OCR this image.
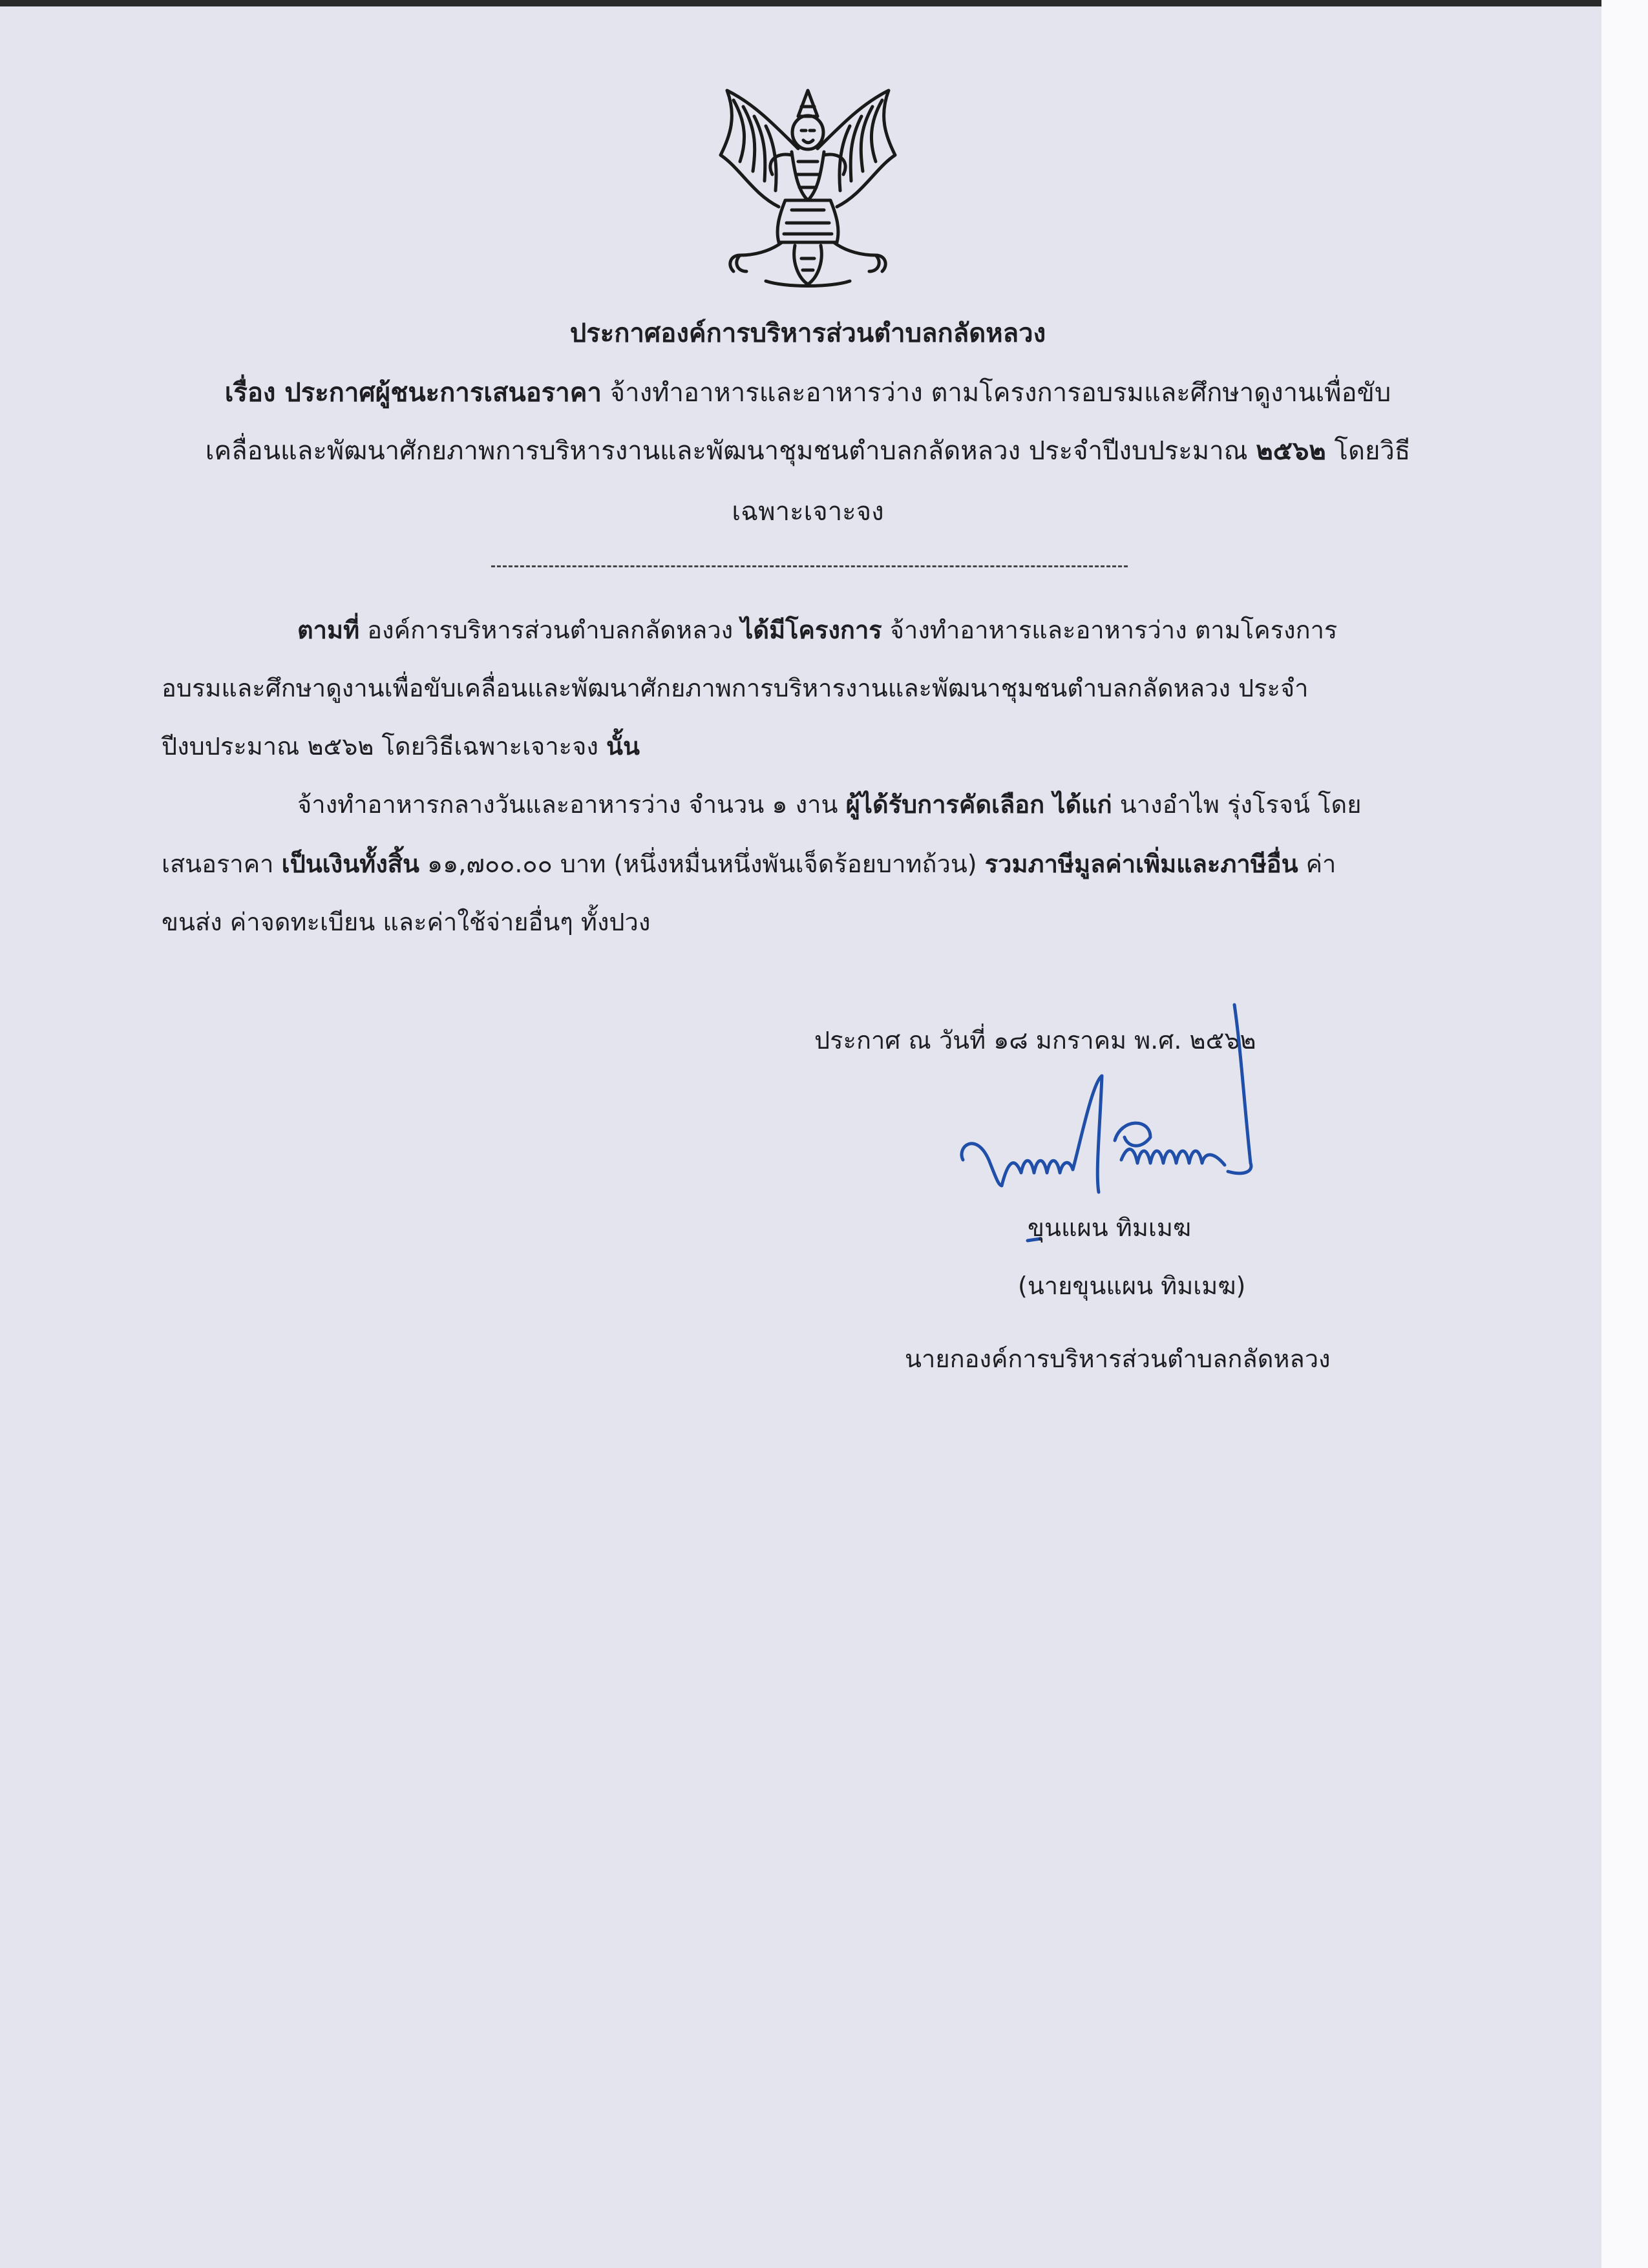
ประกาศองค์การบริหารส่วนตำบลกลัดหลวง
เรื่อง ประกาศผู้ชนะการเสนอราคา จ้างทำอาหารและอาหารว่าง ตามโครงการอบรมและศึกษาดูงานเพื่อขับ
เคลื่อนและพัฒนาศักยภาพการบริหารงานและพัฒนาชุมชนตำบลกลัดหลวง ประจำปีงบประมาณ ๒๕๖๒ โดยวิธี
เฉพาะเจาะจง
ตามที่ องค์การบริหารส่วนตำบลกลัดหลวง ได้มีโครงการ จ้างทำอาหารและอาหารว่าง ตามโครงการ
อบรมและศึกษาดูงานเพื่อขับเคลื่อนและพัฒนาศักยภาพการบริหารงานและพัฒนาชุมชนตำบลกลัดหลวง ประจำ
ปีงบประมาณ ๒๕๖๒ โดยวิธีเฉพาะเจาะจง นั้น
จ้างทำอาหารกลางวันและอาหารว่าง จำนวน ๑ งาน ผู้ได้รับการคัดเลือก ได้แก่ นางอำไพ รุ่งโรจน์ โดย
เสนอราคา เป็นเงินทั้งสิ้น ๑๑,๗๐๐.๐๐ บาท (หนึ่งหมื่นหนึ่งพันเจ็ดร้อยบาทถ้วน) รวมภาษีมูลค่าเพิ่มและภาษีอื่น ค่า
ขนส่ง ค่าจดทะเบียน และค่าใช้จ่ายอื่นๆ ทั้งปวง
ประกาศ ณ วันที่ ๑๘ มกราคม พ.ศ. ๒๕๖๒
ขุนแผน ทิมเมฆ
(นายขุนแผน ทิมเมฆ)
นายกองค์การบริหารส่วนตำบลกลัดหลวง
